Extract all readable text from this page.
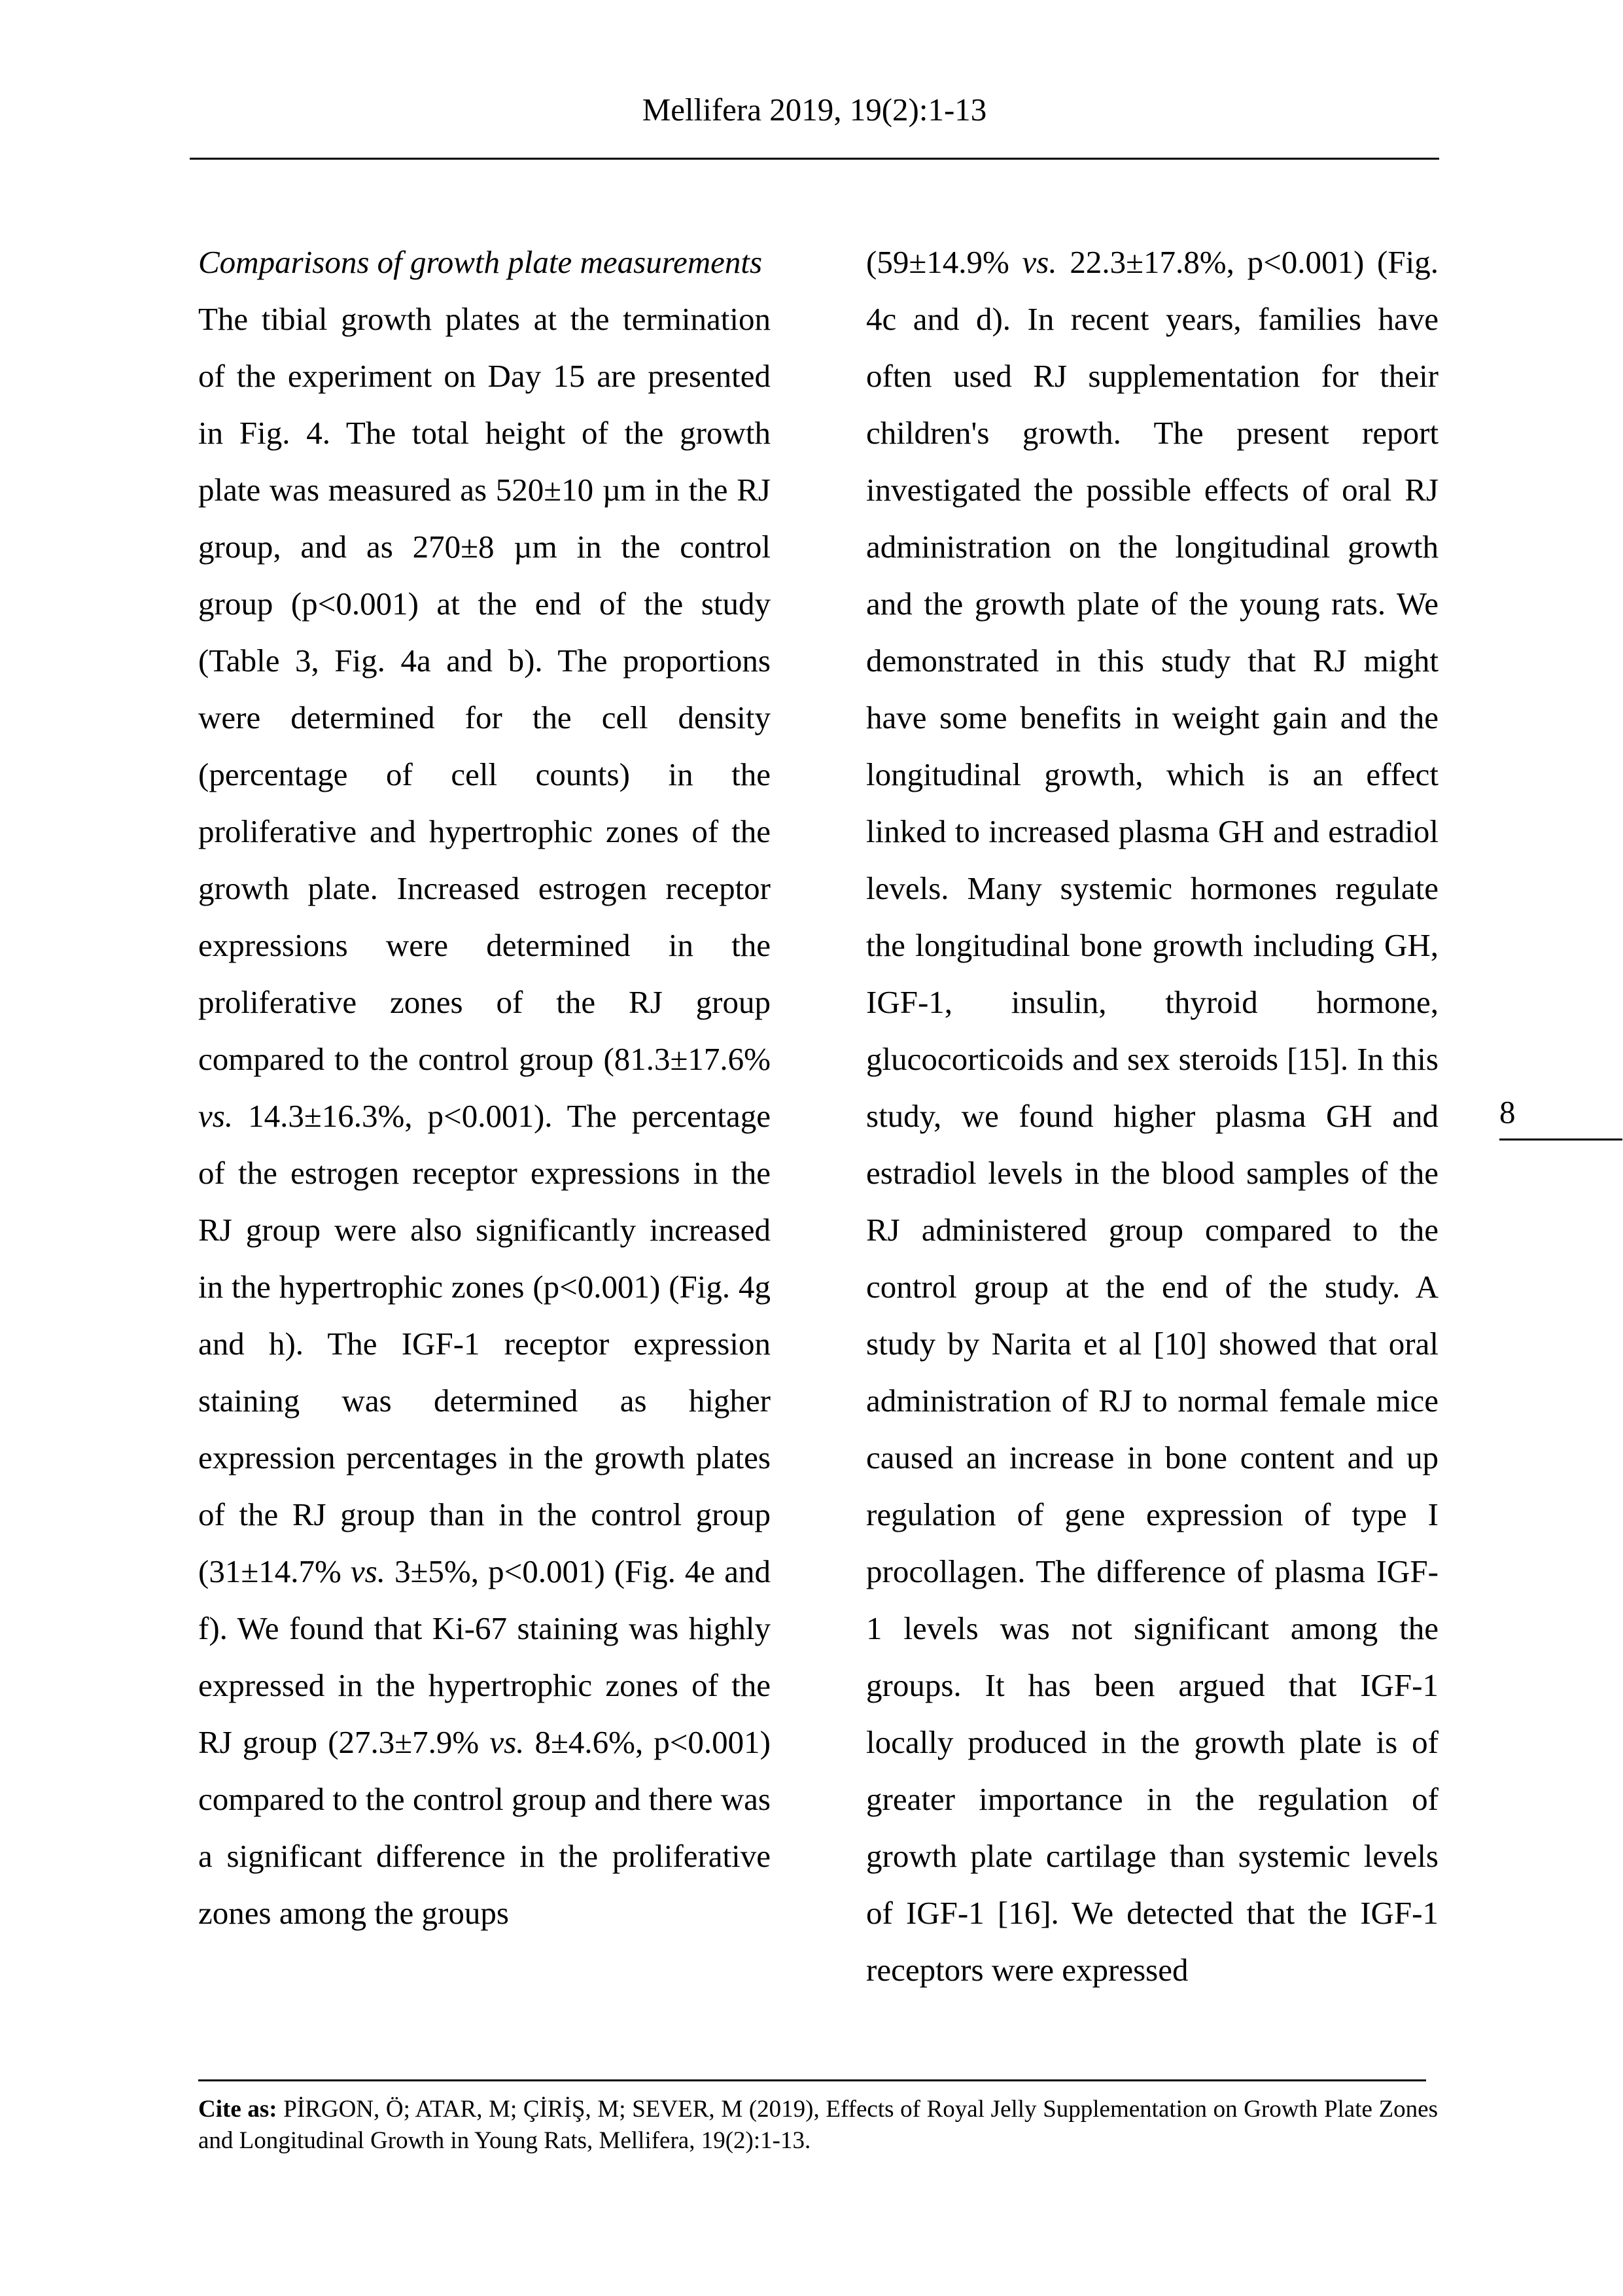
Mellifera 2019, 19(2):1-13
Comparisons of growth plate measurements

The tibial growth plates at the termination of the experiment on Day 15 are presented in Fig. 4. The total height of the growth plate was measured as 520±10 µm in the RJ group, and as 270±8 µm in the control group (p<0.001) at the end of the study (Table 3, Fig. 4a and b). The proportions were determined for the cell density (percentage of cell counts) in the proliferative and hypertrophic zones of the growth plate. Increased estrogen receptor expressions were determined in the proliferative zones of the RJ group compared to the control group (81.3±17.6% vs. 14.3±16.3%, p<0.001). The percentage of the estrogen receptor expressions in the RJ group were also significantly increased in the hypertrophic zones (p<0.001) (Fig. 4g and h). The IGF-1 receptor expression staining was determined as higher expression percentages in the growth plates of the RJ group than in the control group (31±14.7% vs. 3±5%, p<0.001) (Fig. 4e and f). We found that Ki-67 staining was highly expressed in the hypertrophic zones of the RJ group (27.3±7.9% vs. 8±4.6%, p<0.001) compared to the control group and there was a significant difference in the proliferative zones among the groups

(59±14.9% vs. 22.3±17.8%, p<0.001) (Fig. 4c and d). In recent years, families have often used RJ supplementation for their children's growth. The present report investigated the possible effects of oral RJ administration on the longitudinal growth and the growth plate of the young rats. We demonstrated in this study that RJ might have some benefits in weight gain and the longitudinal growth, which is an effect linked to increased plasma GH and estradiol levels. Many systemic hormones regulate the longitudinal bone growth including GH, IGF-1, insulin, thyroid hormone, glucocorticoids and sex steroids [15]. In this study, we found higher plasma GH and estradiol levels in the blood samples of the RJ administered group compared to the control group at the end of the study. A study by Narita et al [10] showed that oral administration of RJ to normal female mice caused an increase in bone content and up regulation of gene expression of type I procollagen. The difference of plasma IGF-1 levels was not significant among the groups. It has been argued that IGF-1 locally produced in the growth plate is of greater importance in the regulation of growth plate cartilage than systemic levels of IGF-1 [16]. We detected that the IGF-1 receptors were expressed

8
Cite as: PİRGON, Ö; ATAR, M; ÇİRİŞ, M; SEVER, M (2019), Effects of Royal Jelly Supplementation on Growth Plate Zones and Longitudinal Growth in Young Rats, Mellifera, 19(2):1-13.
